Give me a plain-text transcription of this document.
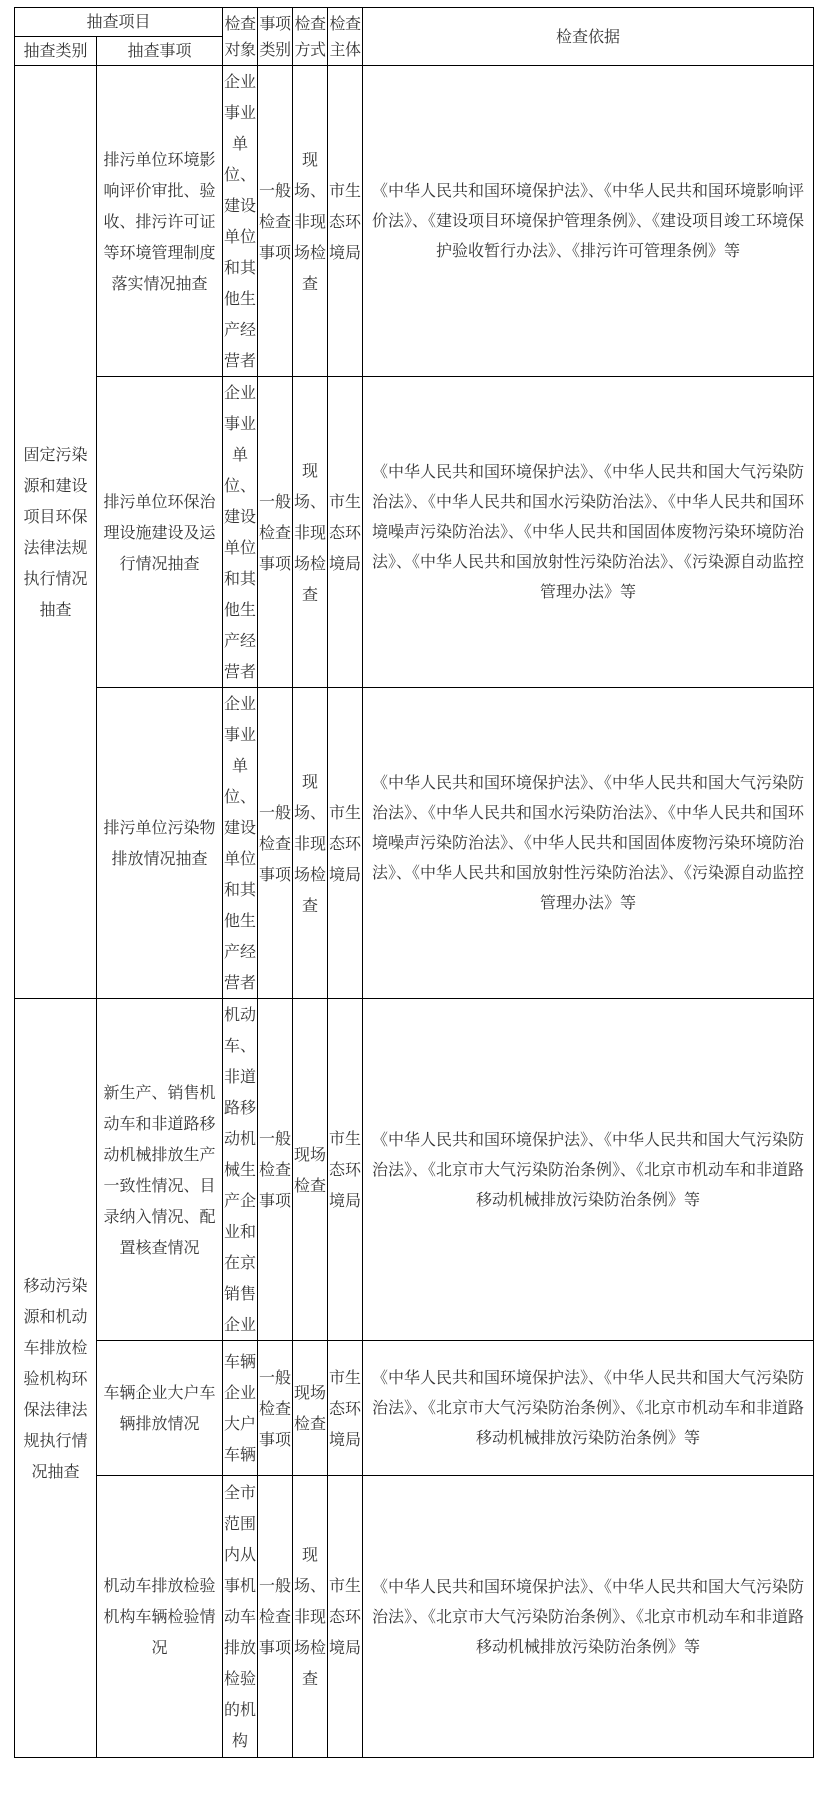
抽查项目		检查对象	事项类别	检查方式	检查主体	检查依据
抽查类别	抽查事项					
固定污染源和建设项目环保法律法规执行情况抽查	排污单位环境影响评价审批、验收、排污许可证等环境管理制度落实情况抽查	企业事业单位、建设单位和其他生产经营者	一般检查事项	现场、非现场检查	市生态环境局	《中华人民共和国环境保护法》、《中华人民共和国环境影响评价法》、《建设项目环境保护管理条例》、《建设项目竣工环境保护验收暂行办法》、《排污许可管理条例》等
	排污单位环保治理设施建设及运行情况抽查	企业事业单位、建设单位和其他生产经营者	一般检查事项	现场、非现场检查	市生态环境局	《中华人民共和国环境保护法》、《中华人民共和国大气污染防治法》、《中华人民共和国水污染防治法》、《中华人民共和国环境噪声污染防治法》、《中华人民共和国固体废物污染环境防治法》、《中华人民共和国放射性污染防治法》、《污染源自动监控管理办法》等
	排污单位污染物排放情况抽查	企业事业单位、建设单位和其他生产经营者	一般检查事项	现场、非现场检查	市生态环境局	《中华人民共和国环境保护法》、《中华人民共和国大气污染防治法》、《中华人民共和国水污染防治法》、《中华人民共和国环境噪声污染防治法》、《中华人民共和国固体废物污染环境防治法》、《中华人民共和国放射性污染防治法》、《污染源自动监控管理办法》等
移动污染源和机动车排放检验机构环保法律法规执行情况抽查	新生产、销售机动车和非道路移动机械排放生产一致性情况、目录纳入情况、配置核查情况	机动车、非道路移动机械生产企业和在京销售企业	一般检查事项	现场检查	市生态环境局	《中华人民共和国环境保护法》、《中华人民共和国大气污染防治法》、《北京市大气污染防治条例》、《北京市机动车和非道路移动机械排放污染防治条例》等
	车辆企业大户车辆排放情况	车辆企业大户车辆	一般检查事项	现场检查	市生态环境局	《中华人民共和国环境保护法》、《中华人民共和国大气污染防治法》、《北京市大气污染防治条例》、《北京市机动车和非道路移动机械排放污染防治条例》等
	机动车排放检验机构车辆检验情况	全市范围内从事机动车排放检验的机构	一般检查事项	现场、非现场检查	市生态环境局	《中华人民共和国环境保护法》、《中华人民共和国大气污染防治法》、《北京市大气污染防治条例》、《北京市机动车和非道路移动机械排放污染防治条例》等
